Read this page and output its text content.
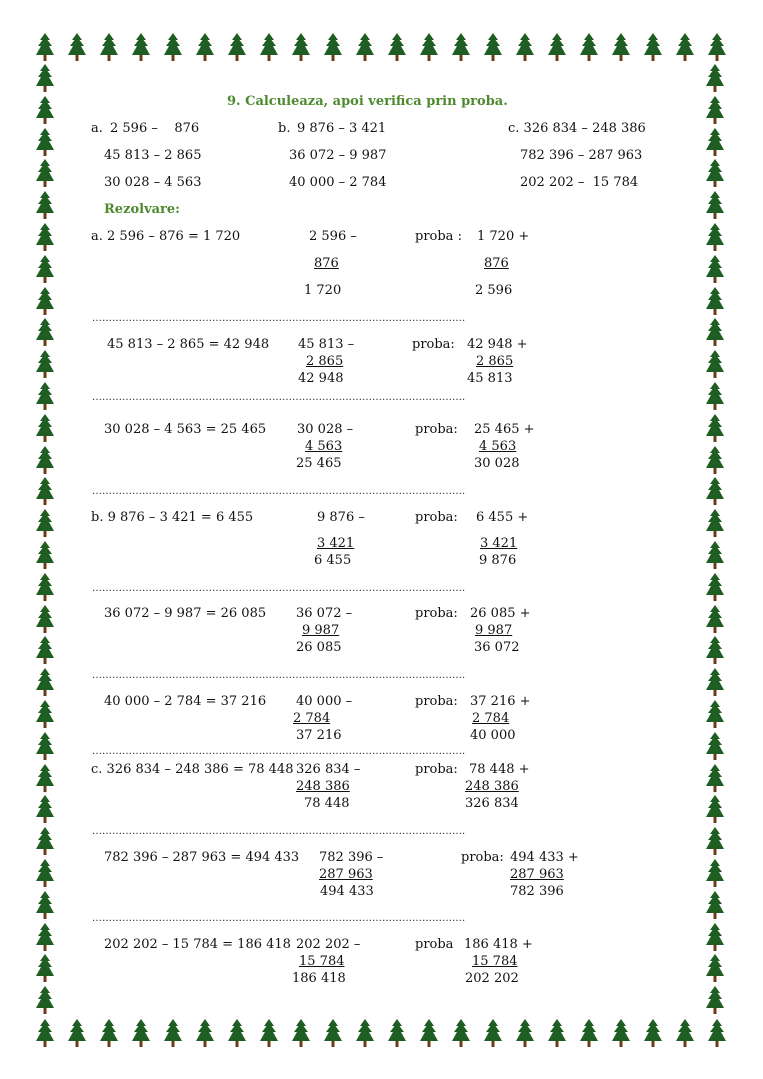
9. Calculeaza, apoi verifica prin proba.
a. 2 596 –    876
45 813 – 2 865
30 028 – 4 563
b. 9 876 – 3 421
36 072 – 9 987
40 000 – 2 784
c. 326 834 – 248 386
782 396 – 287 963
202 202 –  15 784
Rezolvare:
a. 2 596 – 876 = 1 720	2 596 –
876
1 720
proba : 1 720 +
876
2 596
………………………………………………………………………………………………….
45 813 – 2 865 = 42 948 45 813 –
2 865
42 948
proba: 42 948 +
2 865
45 813
………………………………………………………………………………………………….
30 028 – 4 563 = 25 465 30 028 –
4 563
25 465
proba: 25 465 +
4 563
30 028
………………………………………………………………………………………………….
b. 9 876 – 3 421 = 6 455	9 876 –
3 421
6 455
proba: 6 455 +
3 421
9 876
………………………………………………………………………………………………….
36 072 – 9 987 = 26 085 36 072 –
9 987
26 085
proba: 26 085 +
9 987
36 072
………………………………………………………………………………………………….
40 000 – 2 784 = 37 216 40 000 –
2 784
37 216
proba: 37 216 +
2 784
40 000
………………………………………………………………………………………………….
c. 326 834 – 248 386 = 78 448 326 834 –
248 386
78 448
proba: 78 448 +
248 386
326 834
………………………………………………………………………………………………….
782 396 – 287 963 = 494 433 782 396 –
287 963
494 433
proba: 494 433 +
287 963
782 396
………………………………………………………………………………………………….
202 202 – 15 784 = 186 418 202 202 –
15 784
186 418
proba 186 418 +
15 784
202 202
